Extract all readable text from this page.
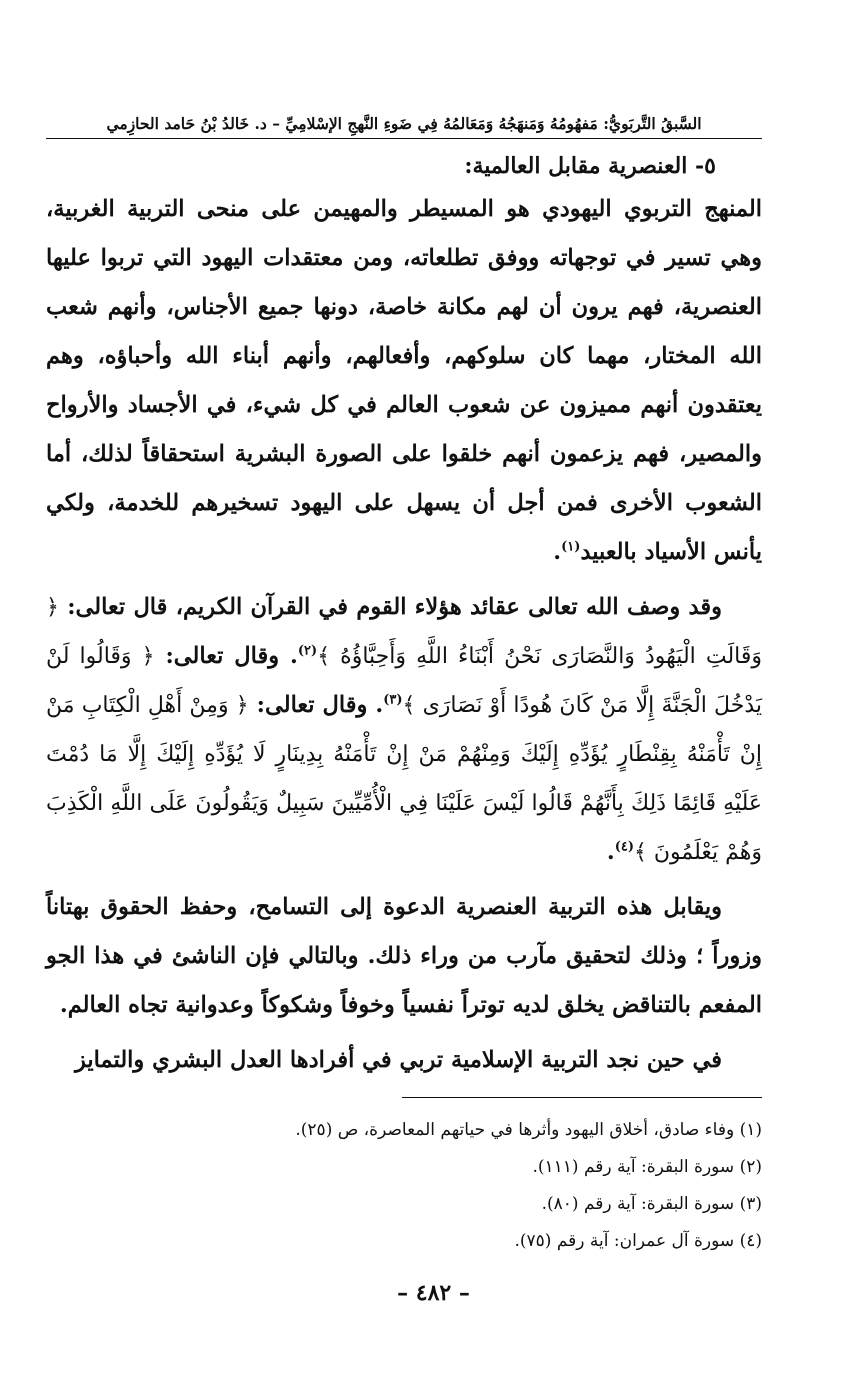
السَّبقُ التَّربَويُّ: مَفهُومُهُ وَمَنهَجُهُ وَمَعَالمُهُ فِي ضَوءِ النَّهجِ الإسْلامِيِّ – د. خَالدُ بْنُ حَامد الحازِمي
٥- العنصرية مقابل العالمية:

المنهج التربوي اليهودي هو المسيطر والمهيمن على منحى التربية الغربية، وهي تسير في توجهاته ووفق تطلعاته، ومن معتقدات اليهود التي تربوا عليها العنصرية، فهم يرون أن لهم مكانة خاصة، دونها جميع الأجناس، وأنهم شعب الله المختار، مهما كان سلوكهم، وأفعالهم، وأنهم أبناء الله وأحباؤه، وهم يعتقدون أنهم مميزون عن شعوب العالم في كل شيء، في الأجساد والأرواح والمصير، فهم يزعمون أنهم خلقوا على الصورة البشرية استحقاقاً لذلك، أما الشعوب الأخرى فمن أجل أن يسهل على اليهود تسخيرهم للخدمة، ولكي يأنس الأسياد بالعبيد$^{(١)}$.

وقد وصف الله تعالى عقائد هؤلاء القوم في القرآن الكريم، قال تعالى: ﴿ وَقَالَتِ الْيَهُودُ وَالنَّصَارَى نَحْنُ أَبْنَاءُ اللَّهِ وَأَحِبَّاؤُهُ ﴾$^{(٢)}$. وقال تعالى: ﴿ وَقَالُوا لَنْ يَدْخُلَ الْجَنَّةَ إِلَّا مَنْ كَانَ هُودًا أَوْ نَصَارَى ﴾$^{(٣)}$. وقال تعالى: ﴿ وَمِنْ أَهْلِ الْكِتَابِ مَنْ إِنْ تَأْمَنْهُ بِقِنْطَارٍ يُؤَدِّهِ إِلَيْكَ وَمِنْهُمْ مَنْ إِنْ تَأْمَنْهُ بِدِينَارٍ لَا يُؤَدِّهِ إِلَيْكَ إِلَّا مَا دُمْتَ عَلَيْهِ قَائِمًا ذَلِكَ بِأَنَّهُمْ قَالُوا لَيْسَ عَلَيْنَا فِي الْأُمِّيِّينَ سَبِيلٌ وَيَقُولُونَ عَلَى اللَّهِ الْكَذِبَ وَهُمْ يَعْلَمُونَ ﴾$^{(٤)}$.

ويقابل هذه التربية العنصرية الدعوة إلى التسامح، وحفظ الحقوق بهتاناً وزوراً ؛ وذلك لتحقيق مآرب من وراء ذلك. وبالتالي فإن الناشئ في هذا الجو المفعم بالتناقض يخلق لديه توتراً نفسياً وخوفاً وشكوكاً وعدوانية تجاه العالم.

في حين نجد التربية الإسلامية تربي في أفرادها العدل البشري والتمايز

(١) وفاء صادق، أخلاق اليهود وأثرها في حياتهم المعاصرة، ص (٢٥).
(٢) سورة البقرة: آية رقم (١١١).
(٣) سورة البقرة: آية رقم (٨٠).
(٤) سورة آل عمران: آية رقم (٧٥).
– ٤٨٢ –
